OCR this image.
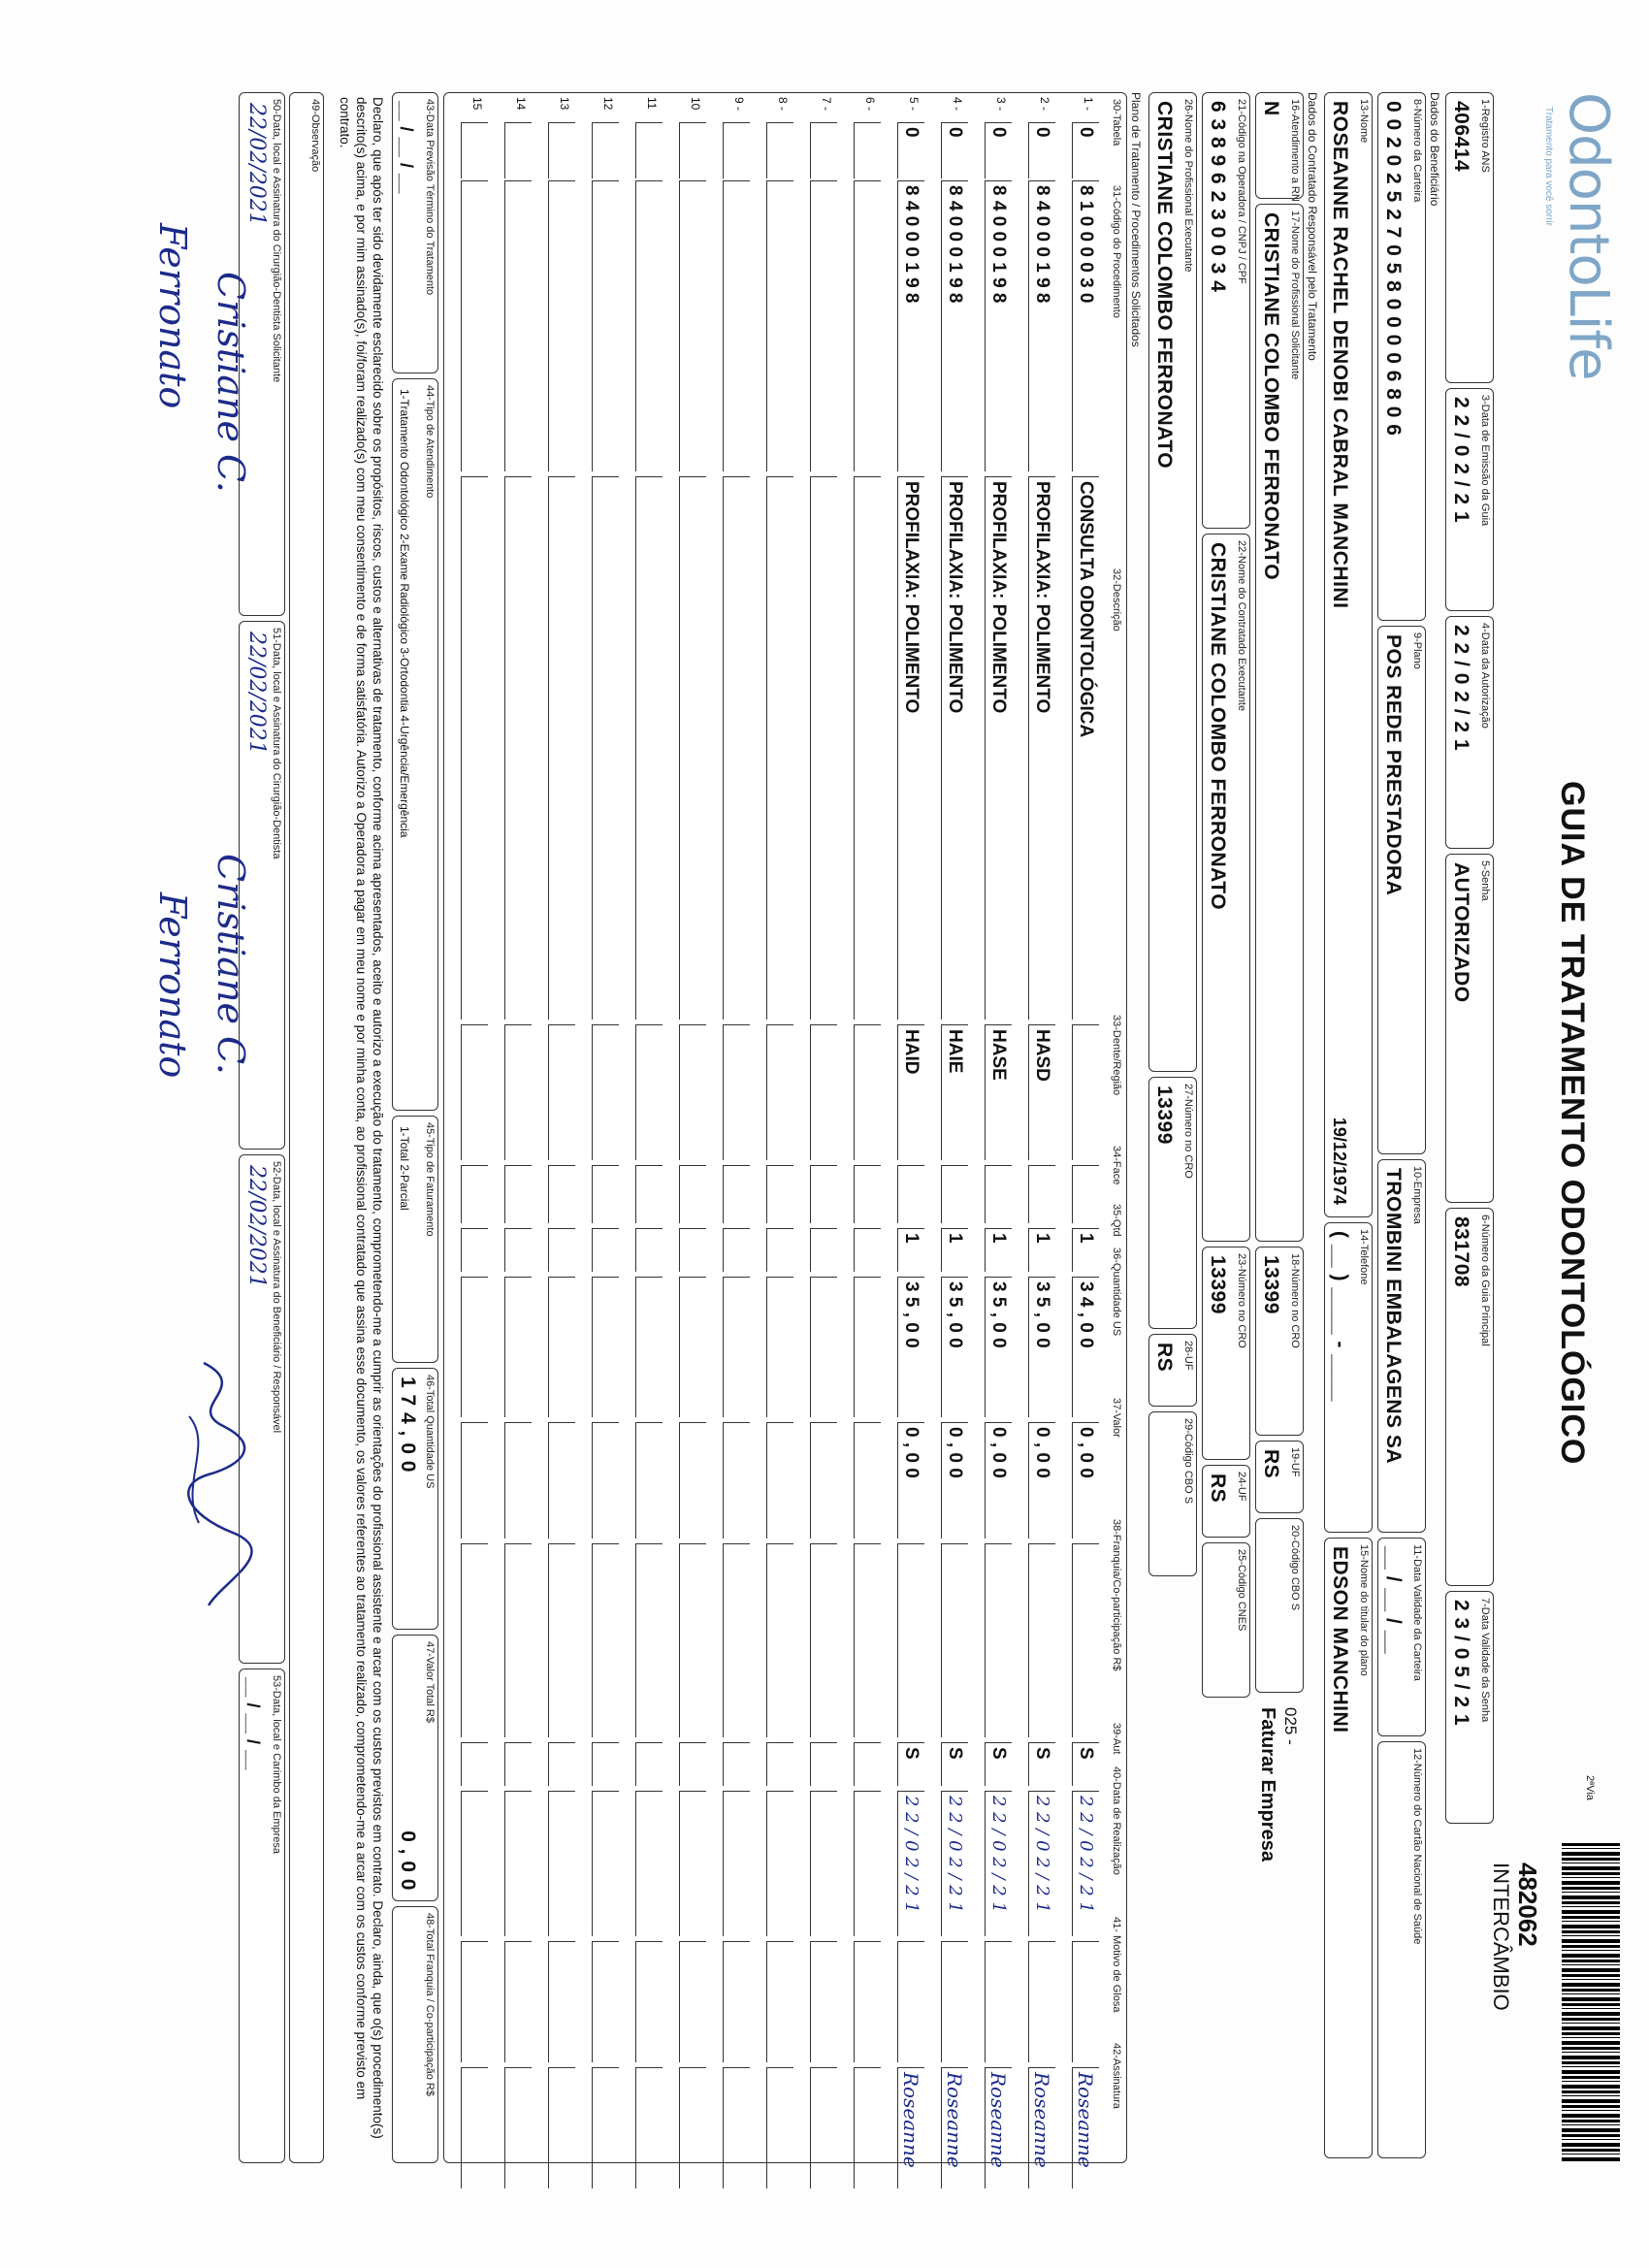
OdontoLife
Tratamento para você sorrir
GUIA DE TRATAMENTO ODONTOLÓGICO
2ªVia
482062
INTERCÂMBIO
1-Registro ANS
406414
3-Data de Emissão da Guia
2 2 / 0 2 / 2 1
4-Data da Autorização
2 2 / 0 2 / 2 1
5-Senha
AUTORIZADO
6-Número da Guia Principal
831708
7-Data Validade da Senha
2 3 / 0 5 / 2 1
Dados do Beneficiário
8-Número da Carteira
0 0 2 0 2 5 2 7 0 5 8 0 0 0 0 6 8 0 6
9-Plano
POS REDE PRESTADORA
10-Empresa
TROMBINI EMBALAGENS SA
11-Data Validade da Carteira
__ / __ / __
12-Número do Cartão Nacional de Saúde
13-Nome
ROSEANNE RACHEL DENOBI CABRAL MANCHINI
19/12/1974
14-Telefone
( __ ) ____ - ____
15-Nome do titular do plano
EDSON MANCHINI
Dados do Contratado Responsável pelo Tratamento
16-Atendimento a RN
N
17-Nome do Profissional Solicitante
CRISTIANE COLOMBO FERRONATO
18-Número no CRO
13399
19-UF
RS
20-Código CBO S
025 -
Faturar Empresa
21-Código na Operadora / CNPJ / CPF
6 3 8 9 6 2 3 0 0 3 4
22-Nome do Contratado Executante
CRISTIANE COLOMBO FERRONATO
23-Número no CRO
13399
24-UF
RS
25-Código CNES
26-Nome do Profissional Executante
CRISTIANE COLOMBO FERRONATO
27-Número no CRO
13399
28-UF
RS
29-Código CBO S
Plano de Tratamento / Procedimentos Solicitados
30-Tabela
31-Código do Procedimento
32-Descrição
33-Dente/Região
34-Face
35-Qtd
36-Quantidade US
37-Valor
38-Franquia/Co-participação R$
39-Aut
40-Data de Realização
41- Motivo de Glosa
42-Assinatura
1 -
0
8 1 0 0 0 0 3 0
CONSULTA ODONTOLÓGICA
1
3 4 , 0 0
0 , 0 0
S
2 2 / 0 2 / 2 1
Roseanne
2 -
0
8 4 0 0 0 1 9 8
PROFILAXIA: POLIMENTO
HASD
1
3 5 , 0 0
0 , 0 0
S
2 2 / 0 2 / 2 1
Roseanne
3 -
0
8 4 0 0 0 1 9 8
PROFILAXIA: POLIMENTO
HASE
1
3 5 , 0 0
0 , 0 0
S
2 2 / 0 2 / 2 1
Roseanne
4 -
0
8 4 0 0 0 1 9 8
PROFILAXIA: POLIMENTO
HAIE
1
3 5 , 0 0
0 , 0 0
S
2 2 / 0 2 / 2 1
Roseanne
5 -
0
8 4 0 0 0 1 9 8
PROFILAXIA: POLIMENTO
HAID
1
3 5 , 0 0
0 , 0 0
S
2 2 / 0 2 / 2 1
Roseanne
6 -
7 -
8 -
9 -
10
11
12
13
14
15
43-Data Previsão Término do Tratamento
__ / __ / __
44-Tipo de Atendimento
1-Tratamento Odontológico 2-Exame Radiológico 3-Ortodontia 4-Urgência/Emergência
45-Tipo de Faturamento
1-Total 2-Parcial
46-Total Quantidade US
1 7 4 , 0 0
47-Valor Total R$
0 , 0 0
48-Total Franquia / Co-participação R$
Declaro, que após ter sido devidamente esclarecido sobre os propósitos, riscos, custos e alternativas de tratamento, conforme acima apresentados, aceito e autorizo a execução do tratamento, comprometendo-me a cumprir as orientações do profissional assistente e arcar com os custos previstos em contrato. Declaro, ainda, que o(s) procedimento(s) descrito(s) acima, e por mim assinado(s), foi/foram realizado(s) com meu consentimento e de forma satisfatória. Autorizo a Operadora a pagar em meu nome e por minha conta, ao profissional contratado que assina esse documento, os valores referentes ao tratamento realizado, comprometendo-me a arcar com os custos conforme previsto em contrato.
49-Observação
50-Data, local e Assinatura do Cirurgião-Dentista Solicitante
22/02/2021
51-Data, local e Assinatura do Cirurgião-Dentista
22/02/2021
52-Data, local e Assinatura do Beneficiário / Responsável
22/02/2021
53-Data, local e Carimbo da Empresa
__ / __ / __
Cristiane C.
Ferronato
Cristiane C.
Ferronato
